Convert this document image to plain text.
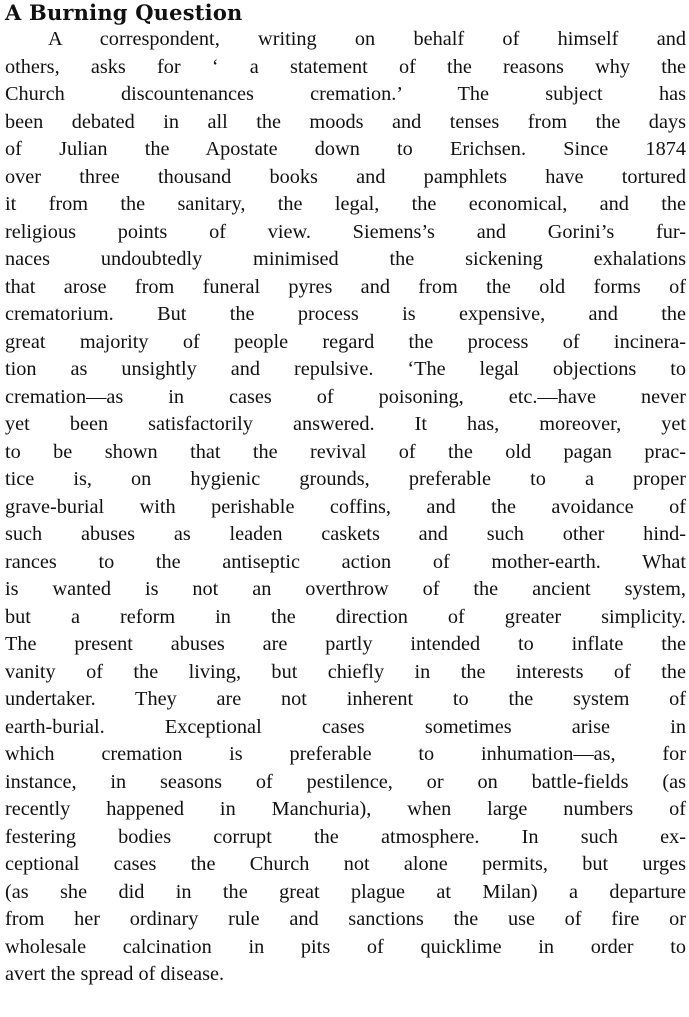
A Burning Question
A correspondent, writing on behalf of himself and
others, asks for ‘ a statement of the reasons why the
Church discountenances cremation.’ The subject has
been debated in all the moods and tenses from the days
of Julian the Apostate down to Erichsen. Since 1874
over three thousand books and pamphlets have tortured
it from the sanitary, the legal, the economical, and the
religious points of view. Siemens’s and Gorini’s fur-
naces undoubtedly minimised the sickening exhalations
that arose from funeral pyres and from the old forms of
crematorium. But the process is expensive, and the
great majority of people regard the process of incinera-
tion as unsightly and repulsive. ‘The legal objections to
cremation—as in cases of poisoning, etc.—have never
yet been satisfactorily answered. It has, moreover, yet
to be shown that the revival of the old pagan prac-
tice is, on hygienic grounds, preferable to a proper
grave-burial with perishable coffins, and the avoidance of
such abuses as leaden caskets and such other hind-
rances to the antiseptic action of mother-earth. What
is wanted is not an overthrow of the ancient system,
but a reform in the direction of greater simplicity.
The present abuses are partly intended to inflate the
vanity of the living, but chiefly in the interests of the
undertaker. They are not inherent to the system of
earth-burial. Exceptional cases sometimes arise in
which cremation is preferable to inhumation—as, for
instance, in seasons of pestilence, or on battle-fields (as
recently happened in Manchuria), when large numbers of
festering bodies corrupt the atmosphere. In such ex-
ceptional cases the Church not alone permits, but urges
(as she did in the great plague at Milan) a departure
from her ordinary rule and sanctions the use of fire or
wholesale calcination in pits of quicklime in order to
avert the spread of disease.
